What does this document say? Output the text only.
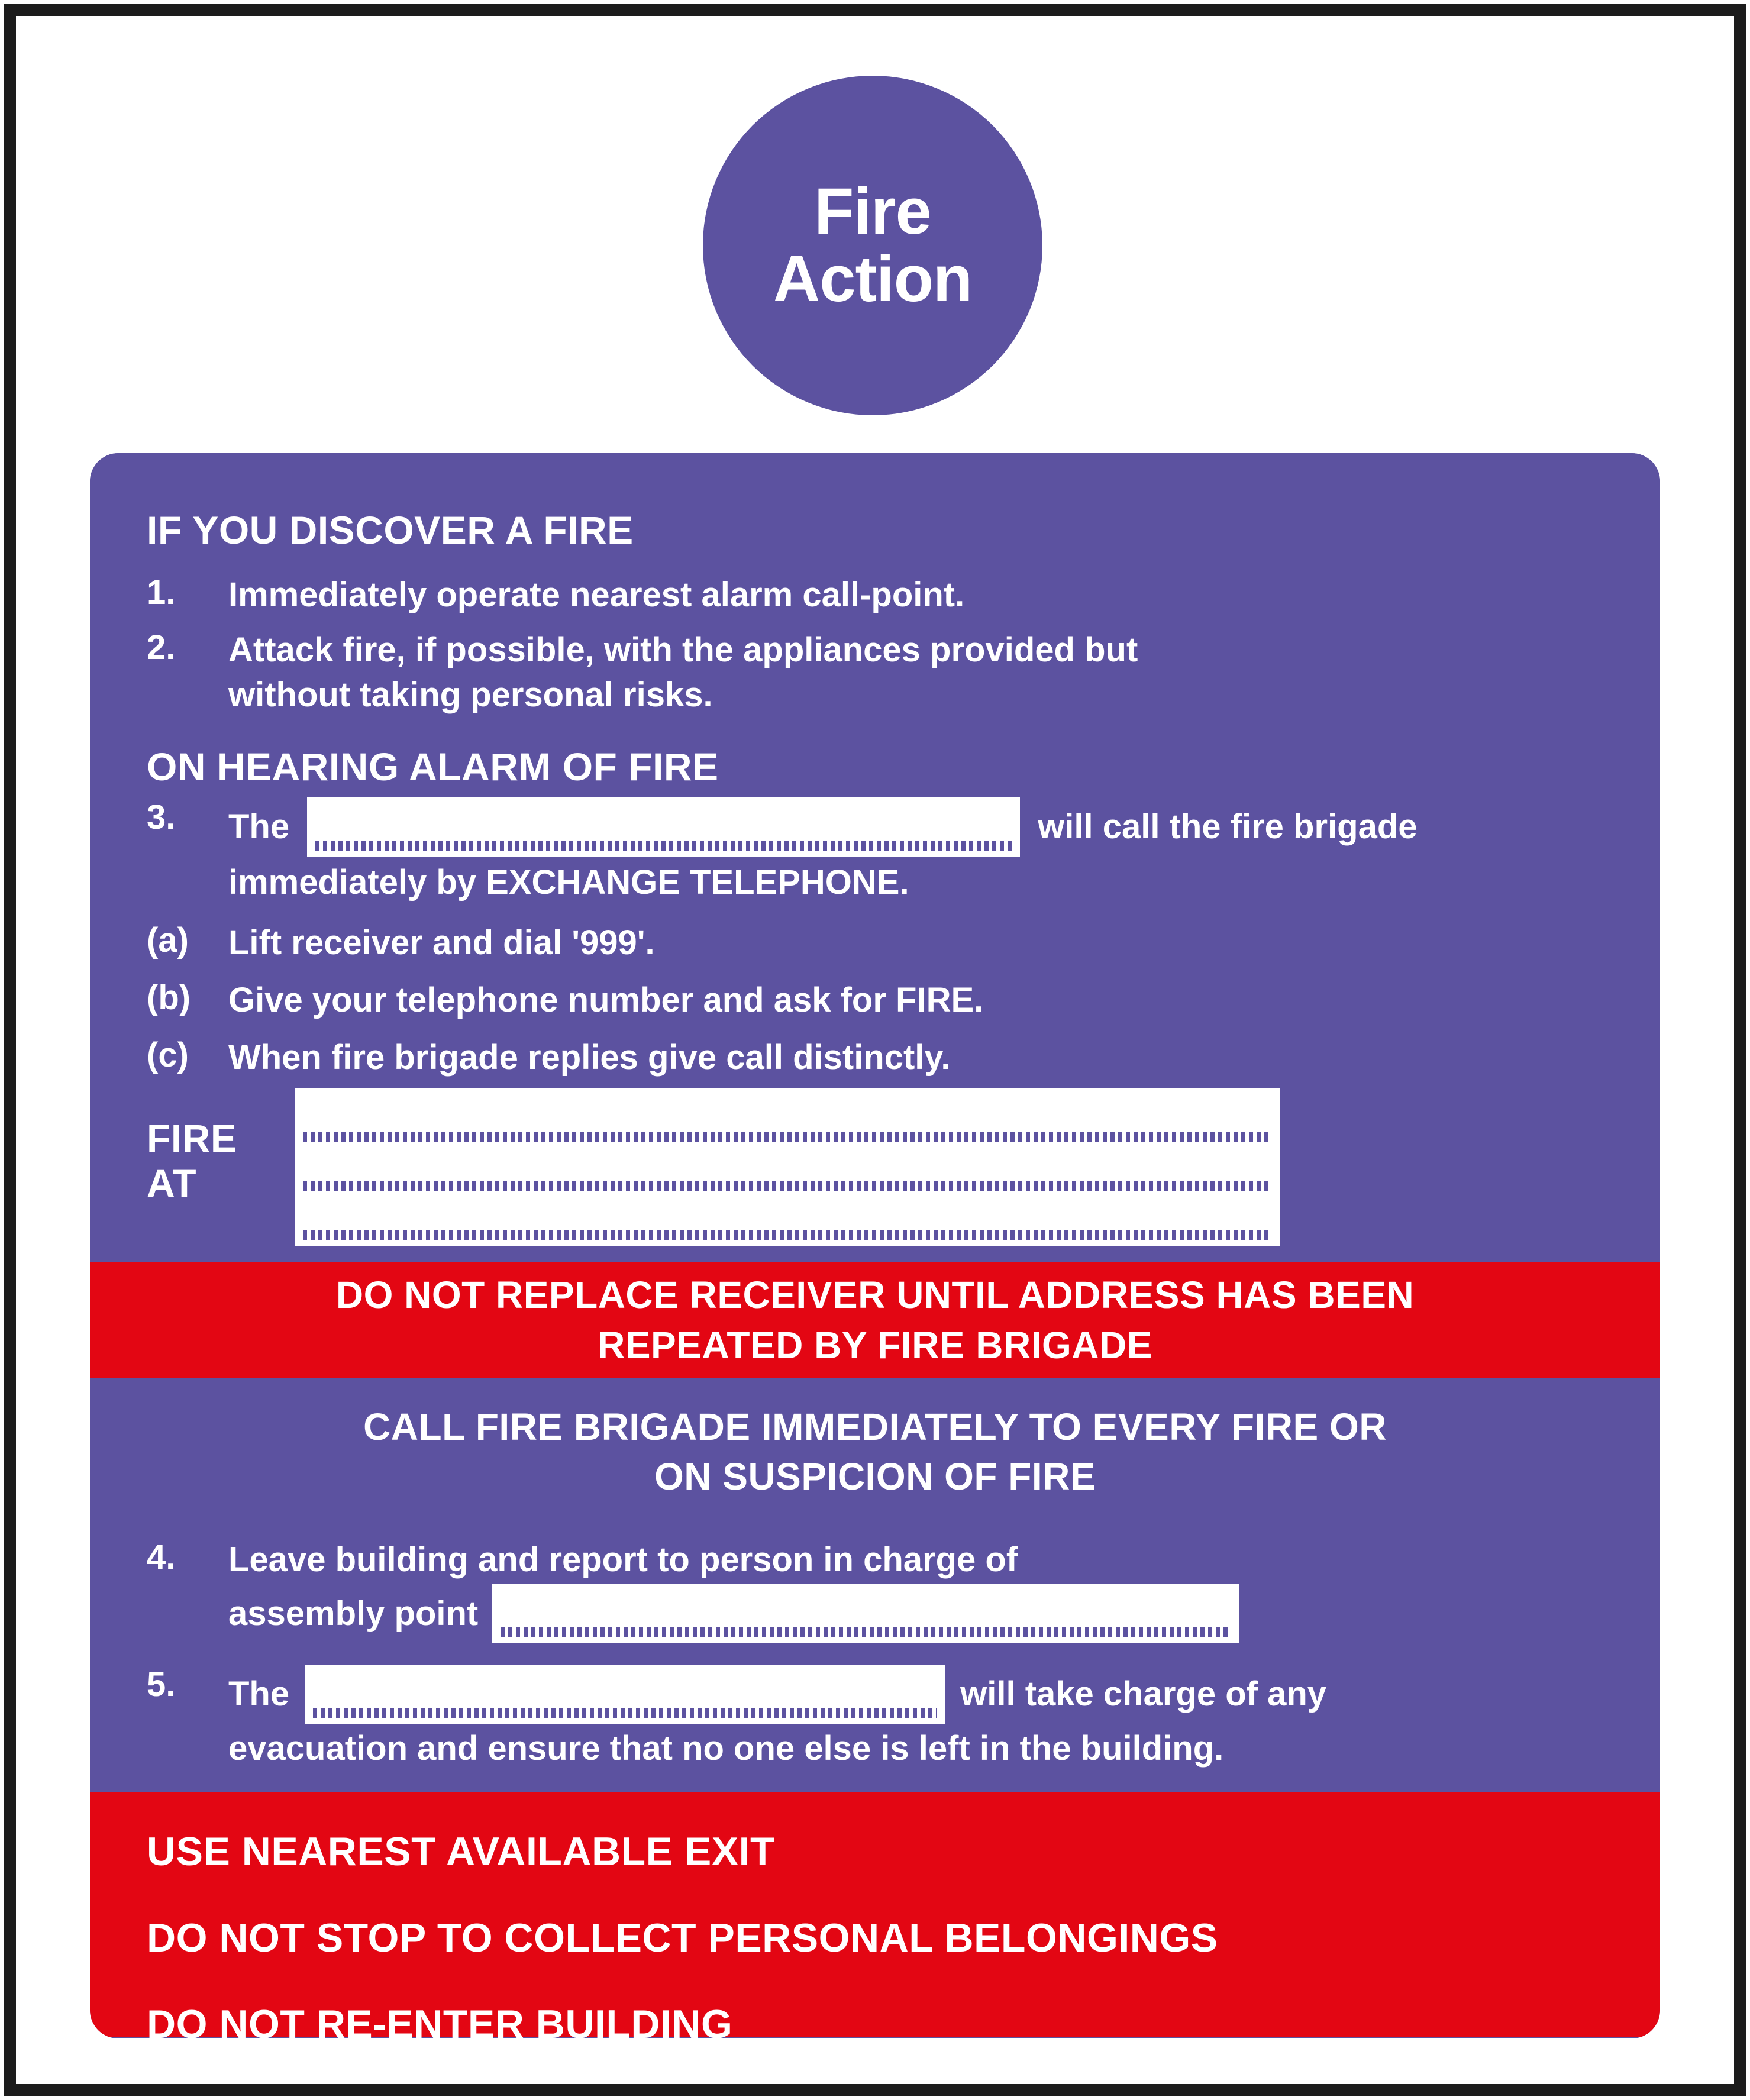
Fire
Action
IF YOU DISCOVER A FIRE
1.	Immediately operate nearest alarm call-point.
2.	Attack fire, if possible, with the appliances provided but
without taking personal risks.
ON HEARING ALARM OF FIRE
3.	The	will call the fire brigade
immediately by EXCHANGE TELEPHONE.
(a)	Lift receiver and dial '999'.
(b)	Give your telephone number and ask for FIRE.
(c)	When fire brigade replies give call distinctly.
FIRE AT
DO NOT REPLACE RECEIVER UNTIL ADDRESS HAS BEEN
REPEATED BY FIRE BRIGADE
CALL FIRE BRIGADE IMMEDIATELY TO EVERY FIRE OR
ON SUSPICION OF FIRE
4.	Leave building and report to person in charge of
assembly point
5.	The	will take charge of any
evacuation and ensure that no one else is left in the building.
USE NEAREST AVAILABLE EXIT
DO NOT STOP TO COLLECT PERSONAL BELONGINGS
DO NOT RE-ENTER BUILDING
